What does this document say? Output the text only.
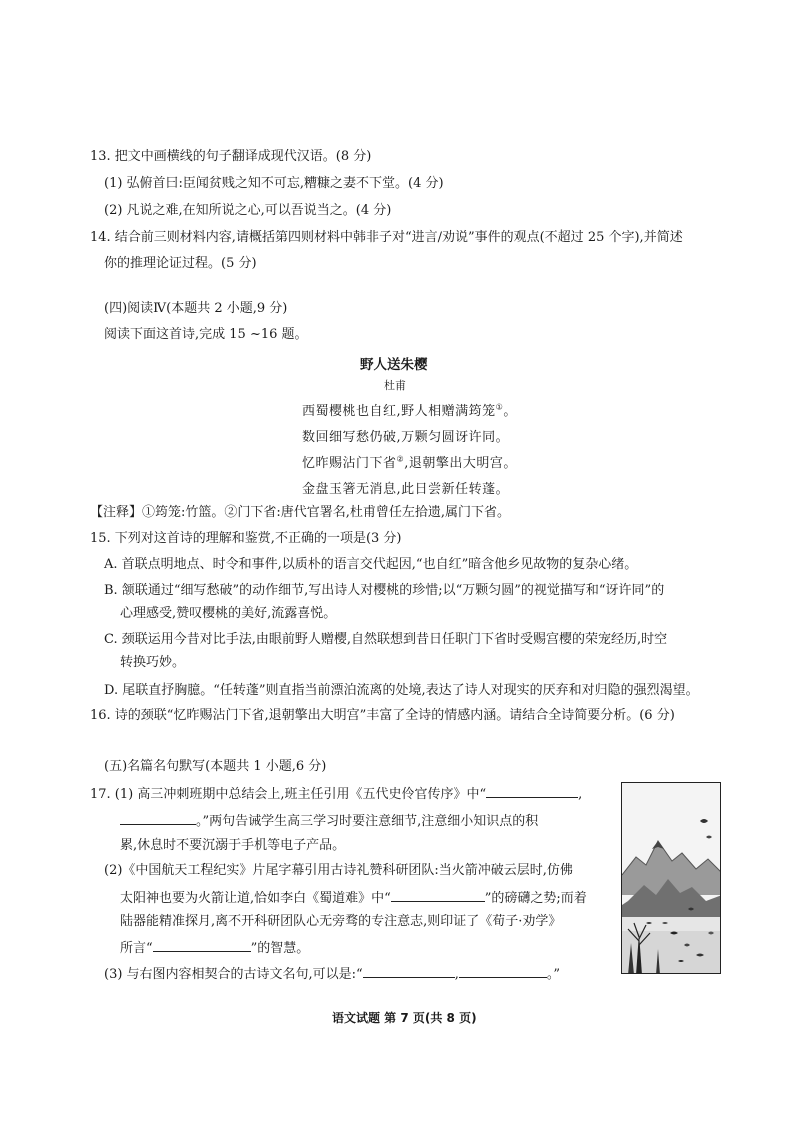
13. 把文中画横线的句子翻译成现代汉语。(8 分)
(1) 弘俯首曰:臣闻贫贱之知不可忘,糟糠之妻不下堂。(4 分)
(2) 凡说之难,在知所说之心,可以吾说当之。(4 分)
14. 结合前三则材料内容,请概括第四则材料中韩非子对“进言/劝说”事件的观点(不超过 25 个字),并简述
你的推理论证过程。(5 分)
(四)阅读Ⅳ(本题共 2 小题,9 分)
阅读下面这首诗,完成 15 ~16 题。
野人送朱樱
杜甫
西蜀樱桃也自红,野人相赠满筠笼①。
数回细写愁仍破,万颗匀圆讶许同。
忆昨赐沾门下省②,退朝擎出大明宫。
金盘玉箸无消息,此日尝新任转蓬。
【注释】①筠笼:竹篮。②门下省:唐代官署名,杜甫曾任左拾遗,属门下省。
15. 下列对这首诗的理解和鉴赏,不正确的一项是(3 分)
A. 首联点明地点、时令和事件,以质朴的语言交代起因,“也自红”暗含他乡见故物的复杂心绪。
B. 颔联通过“细写愁破”的动作细节,写出诗人对樱桃的珍惜;以“万颗匀圆”的视觉描写和“讶许同”的
心理感受,赞叹樱桃的美好,流露喜悦。
C. 颈联运用今昔对比手法,由眼前野人赠樱,自然联想到昔日任职门下省时受赐宫樱的荣宠经历,时空
转换巧妙。
D. 尾联直抒胸臆。“任转蓬”则直指当前漂泊流离的处境,表达了诗人对现实的厌弃和对归隐的强烈渴望。
16. 诗的颈联“忆昨赐沾门下省,退朝擎出大明宫”丰富了全诗的情感内涵。请结合全诗简要分析。(6 分)
(五)名篇名句默写(本题共 1 小题,6 分)
17. (1) 高三冲刺班期中总结会上,班主任引用《五代史伶官传序》中“	,
。”两句告诫学生高三学习时要注意细节,注意细小知识点的积
累,休息时不要沉溺于手机等电子产品。
(2)《中国航天工程纪实》片尾字幕引用古诗礼赞科研团队:当火箭冲破云层时,仿佛
太阳神也要为火箭让道,恰如李白《蜀道难》中“	”的磅礴之势;而着
陆器能精准探月,离不开科研团队心无旁骛的专注意志,则印证了《荀子·劝学》
所言“	”的智慧。
(3) 与右图内容相契合的古诗文名句,可以是:“	,	。”
语文试题 第 7 页(共 8 页)
